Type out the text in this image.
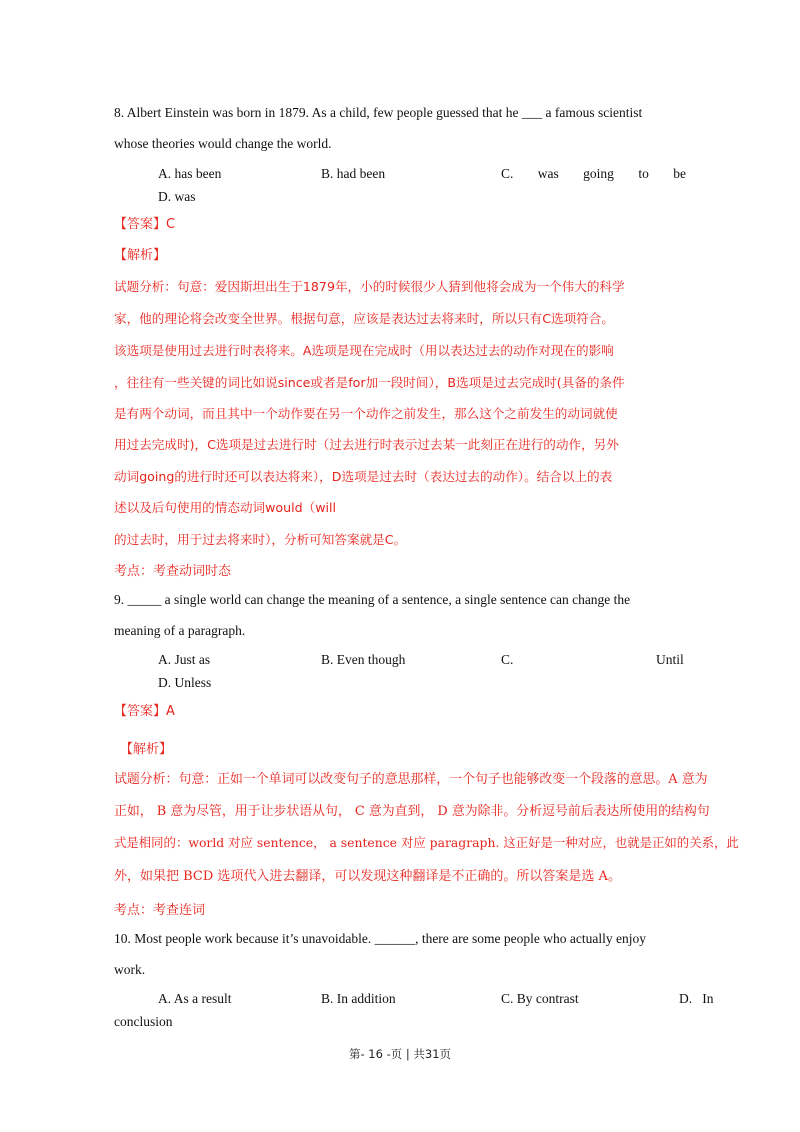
8. Albert Einstein was born in 1879. As a child, few people guessed that he ___ a famous scientist
whose theories would change the world.
A. has been	B. had been	C. was going to be
D. was
【答案】C
【解析】
试题分析：句意：爱因斯坦出生于1879年，小的时候很少人猜到他将会成为一个伟大的科学
家，他的理论将会改变全世界。根据句意，应该是表达过去将来时，所以只有C选项符合。
该选项是使用过去进行时表将来。A选项是现在完成时（用以表达过去的动作对现在的影响
，往往有一些关键的词比如说since或者是for加一段时间），B选项是过去完成时(具备的条件
是有两个动词，而且其中一个动作要在另一个动作之前发生，那么这个之前发生的动词就使
用过去完成时)，C选项是过去进行时（过去进行时表示过去某一此刻正在进行的动作，另外
动词going的进行时还可以表达将来），D选项是过去时（表达过去的动作）。结合以上的表
述以及后句使用的情态动词would（will
的过去时，用于过去将来时），分析可知答案就是C。
考点：考查动词时态
9. _____ a single world can change the meaning of a sentence, a single sentence can change the
meaning of a paragraph.
A. Just as	B. Even though	C.	Until
D. Unless
【答案】A
【解析】
试题分析：句意：正如一个单词可以改变句子的意思那样，一个句子也能够改变一个段落的意思。A 意为
正如， B 意为尽管，用于让步状语从句， C 意为直到， D 意为除非。分析逗号前后表达所使用的结构句
式是相同的：world 对应 sentence， a sentence 对应 paragraph. 这正好是一种对应，也就是正如的关系，此
外，如果把 BCD 选项代入进去翻译，可以发现这种翻译是不正确的。所以答案是选 A。
考点：考查连词
10. Most people work because it’s unavoidable. ______, there are some people who actually enjoy
work.
A. As a result	B. In addition	C. By contrast	D.   In
conclusion
第- 16 -页 | 共31页
